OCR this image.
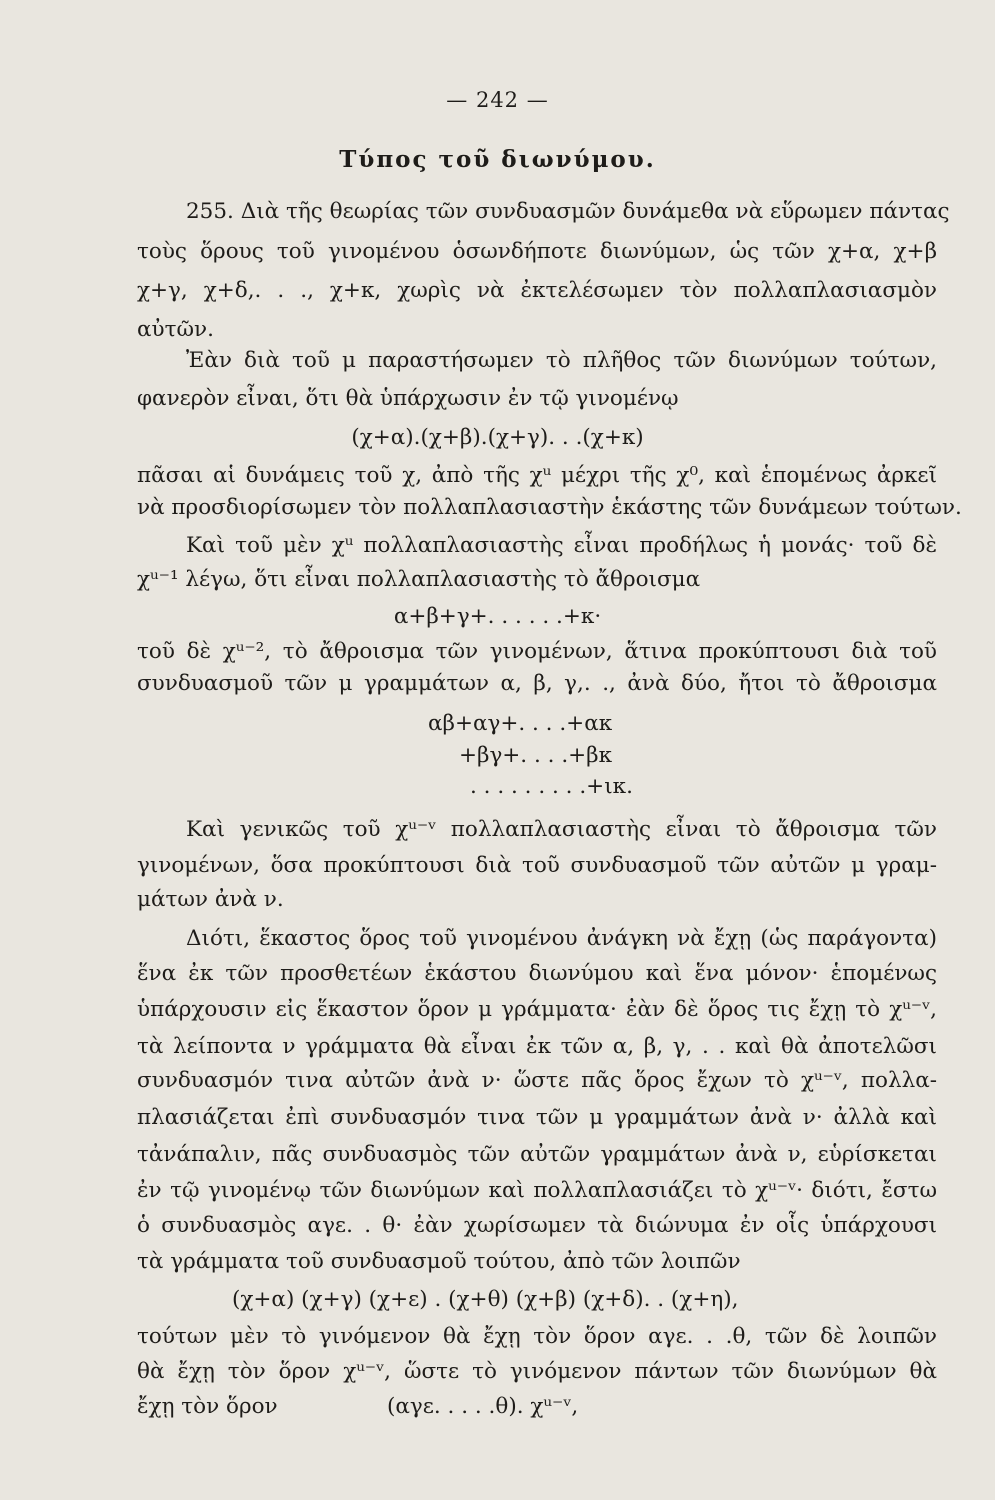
— 242 —
Τύπος τοῦ διωνύμου.
255. Διὰ τῆς θεωρίας τῶν συνδυασμῶν δυνάμεθα νὰ εὕρωμεν πάντας
τοὺς ὅρους τοῦ γινομένου ὁσωνδήποτε διωνύμων, ὡς τῶν χ+α, χ+β
χ+γ, χ+δ,. . ., χ+κ, χωρὶς νὰ ἐκτελέσωμεν τὸν πολλαπλασιασμὸν
αὐτῶν.
Ἐὰν διὰ τοῦ μ παραστήσωμεν τὸ πλῆθος τῶν διωνύμων τούτων,
φανερὸν εἶναι, ὅτι θὰ ὑπάρχωσιν ἐν τῷ γινομένῳ
(χ+α).(χ+β).(χ+γ). . .(χ+κ)
πᾶσαι αἱ δυνάμεις τοῦ χ, ἀπὸ τῆς χᵘ μέχρι τῆς χ⁰, καὶ ἑπομένως ἀρκεῖ
νὰ προσδιορίσωμεν τὸν πολλαπλασιαστὴν ἑκάστης τῶν δυνάμεων τούτων.
Καὶ τοῦ μὲν χᵘ πολλαπλασιαστὴς εἶναι προδήλως ἡ μονάς· τοῦ δὲ
χᵘ⁻¹ λέγω, ὅτι εἶναι πολλαπλασιαστὴς τὸ ἄθροισμα
α+β+γ+. . . . . .+κ·
τοῦ δὲ χᵘ⁻², τὸ ἄθροισμα τῶν γινομένων, ἅτινα προκύπτουσι διὰ τοῦ
συνδυασμοῦ τῶν μ γραμμάτων α, β, γ,. ., ἀνὰ δύο, ἤτοι τὸ ἄθροισμα
αβ+αγ+. . . .+ακ
+βγ+. . . .+βκ
. . . . . . . . .+ικ.
Καὶ γενικῶς τοῦ χᵘ⁻ᵛ πολλαπλασιαστὴς εἶναι τὸ ἄθροισμα τῶν
γινομένων, ὅσα προκύπτουσι διὰ τοῦ συνδυασμοῦ τῶν αὐτῶν μ γραμ-
μάτων ἀνὰ ν.
Διότι, ἕκαστος ὅρος τοῦ γινομένου ἀνάγκη νὰ ἔχῃ (ὡς παράγοντα)
ἕνα ἐκ τῶν προσθετέων ἑκάστου διωνύμου καὶ ἕνα μόνον· ἑπομένως
ὑπάρχουσιν εἰς ἕκαστον ὅρον μ γράμματα· ἐὰν δὲ ὅρος τις ἔχῃ τὸ χᵘ⁻ᵛ,
τὰ λείποντα ν γράμματα θὰ εἶναι ἐκ τῶν α, β, γ, . . καὶ θὰ ἀποτελῶσι
συνδυασμόν τινα αὐτῶν ἀνὰ ν· ὥστε πᾶς ὅρος ἔχων τὸ χᵘ⁻ᵛ, πολλα-
πλασιάζεται ἐπὶ συνδυασμόν τινα τῶν μ γραμμάτων ἀνὰ ν· ἀλλὰ καὶ
τἀνάπαλιν, πᾶς συνδυασμὸς τῶν αὐτῶν γραμμάτων ἀνὰ ν, εὑρίσκεται
ἐν τῷ γινομένῳ τῶν διωνύμων καὶ πολλαπλασιάζει τὸ χᵘ⁻ᵛ· διότι, ἔστω
ὁ συνδυασμὸς αγε. . θ· ἐὰν χωρίσωμεν τὰ διώνυμα ἐν οἷς ὑπάρχουσι
τὰ γράμματα τοῦ συνδυασμοῦ τούτου, ἀπὸ τῶν λοιπῶν
(χ+α) (χ+γ) (χ+ε) . (χ+θ) (χ+β) (χ+δ). . (χ+η),
τούτων μὲν τὸ γινόμενον θὰ ἔχῃ τὸν ὅρον αγε. . .θ, τῶν δὲ λοιπῶν
θὰ ἔχῃ τὸν ὅρον χᵘ⁻ᵛ, ὥστε τὸ γινόμενον πάντων τῶν διωνύμων θὰ
ἔχῃ τὸν ὅρον                (αγε. . . . .θ). χᵘ⁻ᵛ,
